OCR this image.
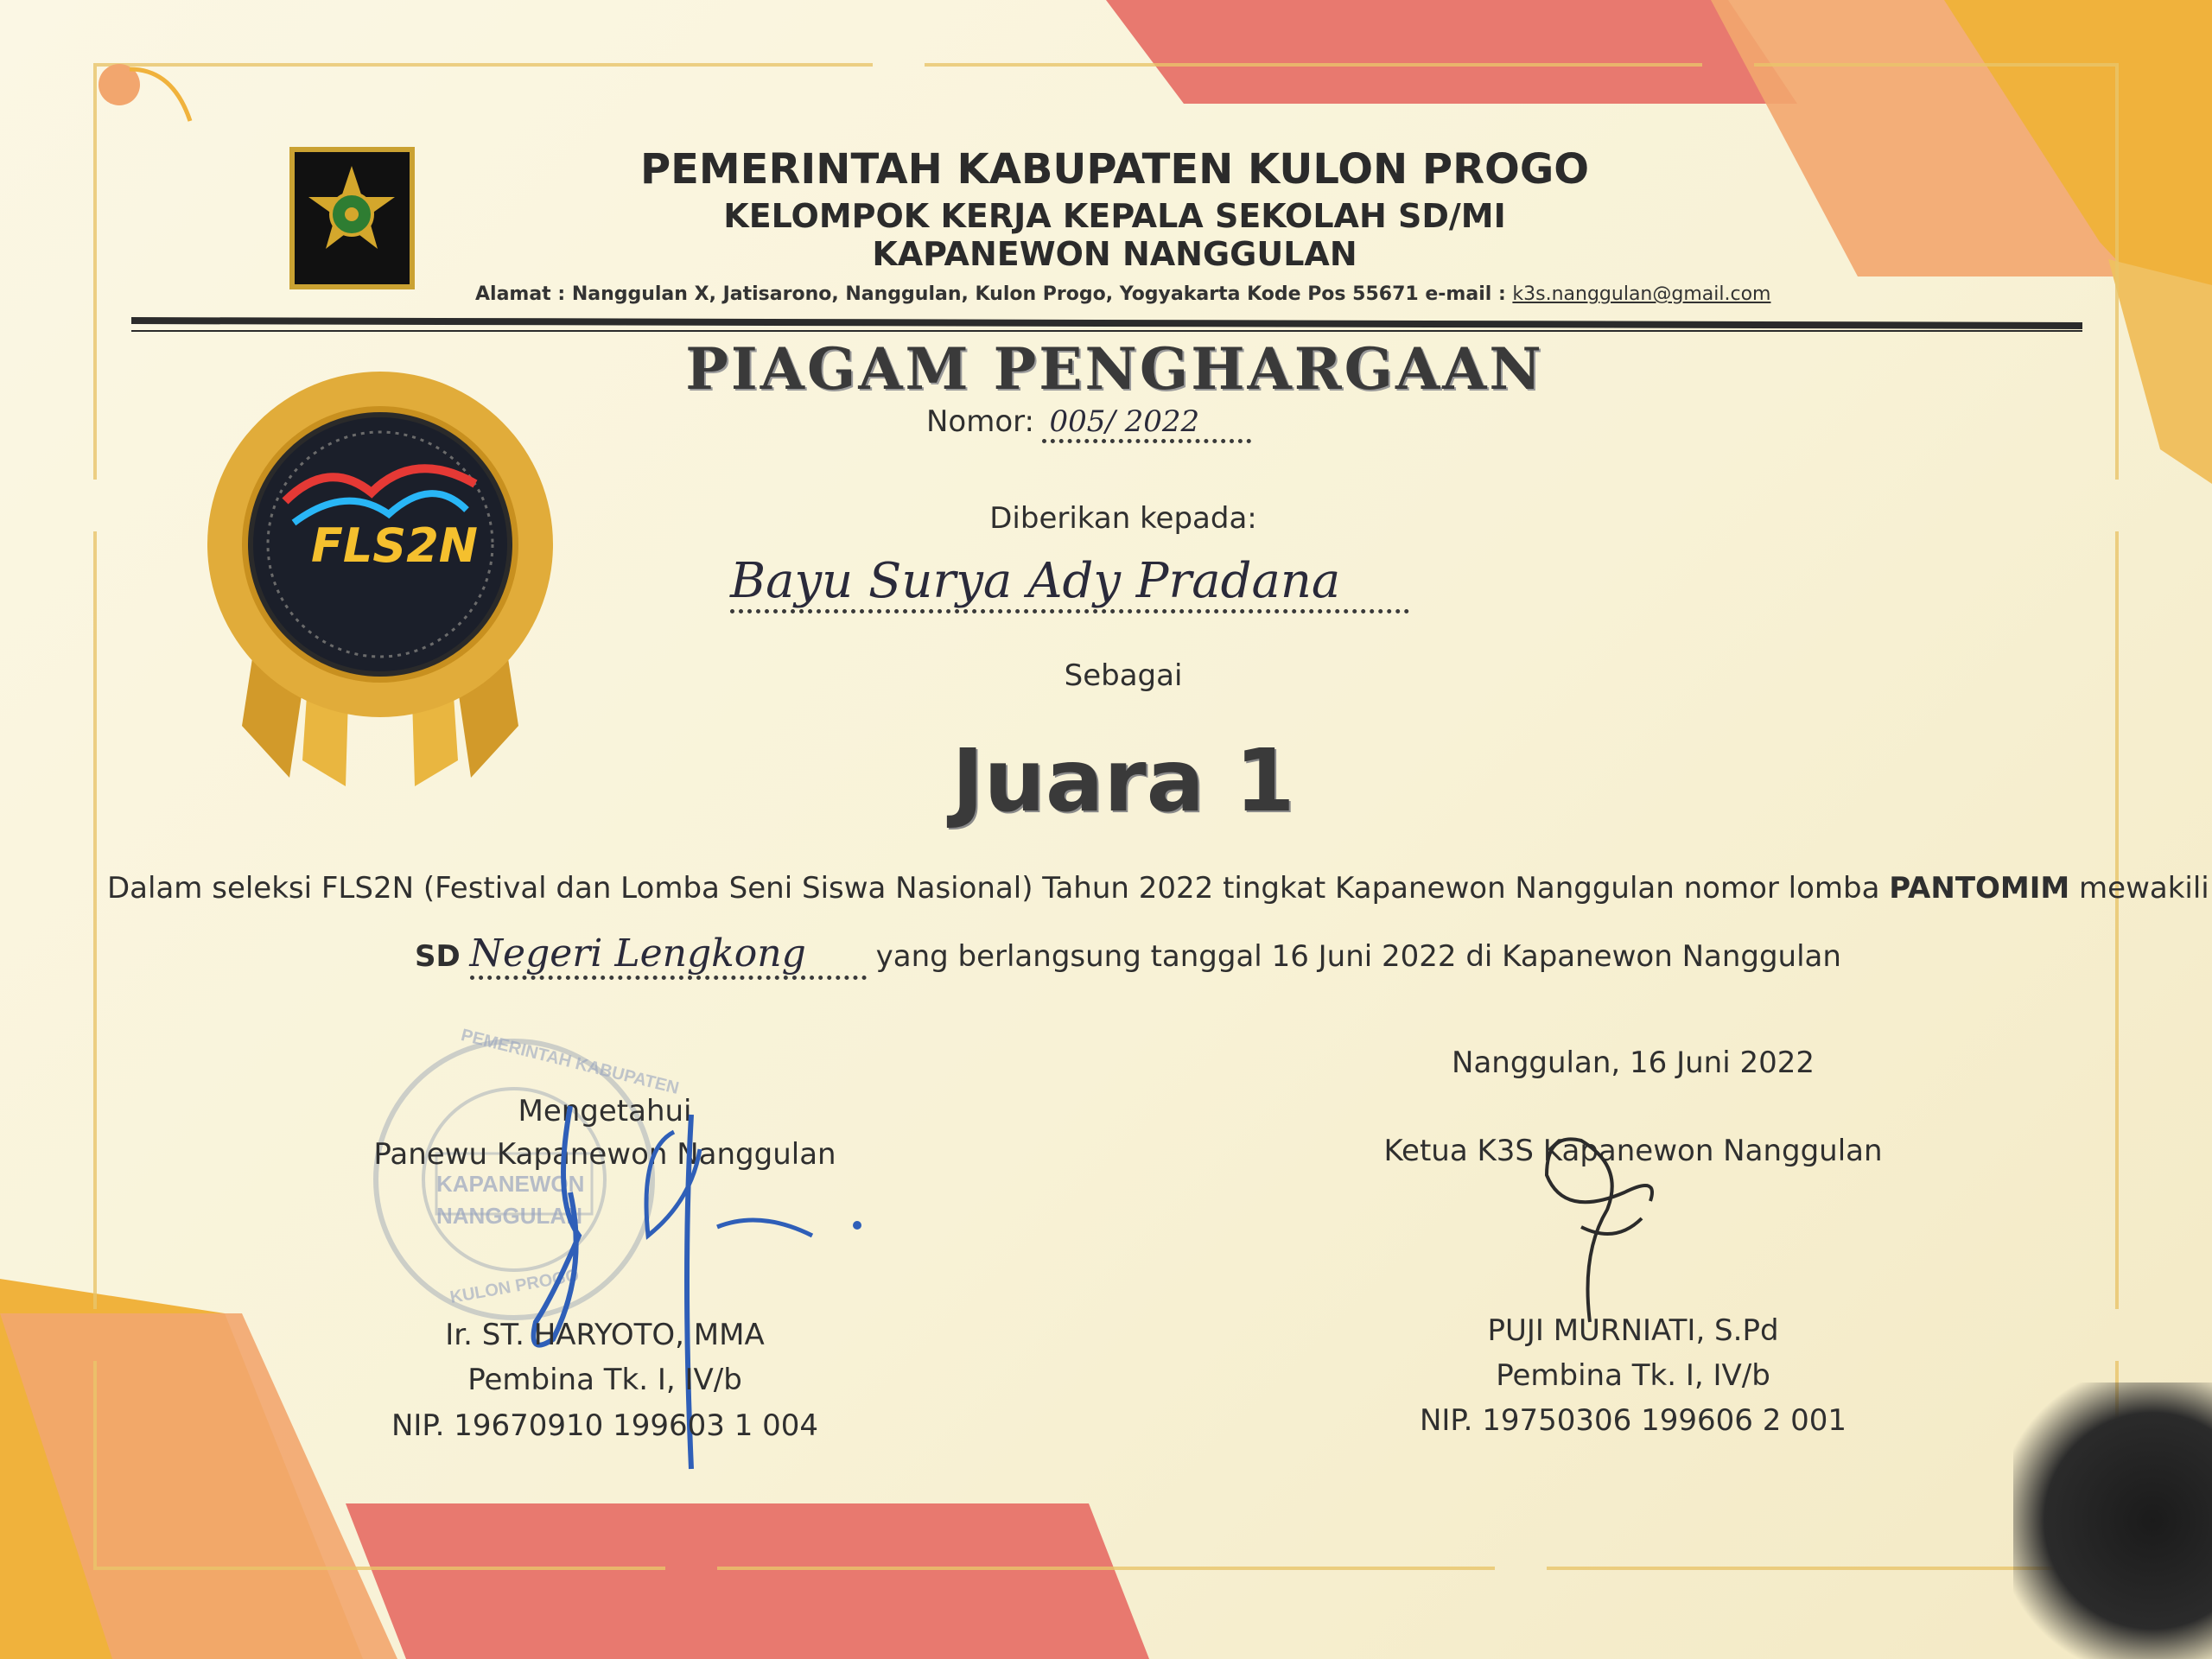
PEMERINTAH KABUPATEN KULON PROGO
KELOMPOK KERJA KEPALA SEKOLAH SD/MI
KAPANEWON NANGGULAN
Alamat : Nanggulan X, Jatisarono, Nanggulan, Kulon Progo, Yogyakarta Kode Pos 55671 e-mail : k3s.nanggulan@gmail.com
PIAGAM PENGHARGAAN
Nomor: 005/ 2022
FLS2N	Diberikan kepada:
Bayu Surya Ady Pradana
Sebagai
Juara 1
Dalam seleksi FLS2N (Festival dan Lomba Seni Siswa Nasional) Tahun 2022 tingkat Kapanewon Nanggulan nomor lomba PANTOMIM mewakili
SD Negeri Lengkong yang berlangsung tanggal 16 Juni 2022 di Kapanewon Nanggulan
KAPANEWON
NANGGULAN
PEMERINTAH KABUPATEN
KULON PROGO
Mengetahui
Panewu Kapanewon Nanggulan
Ir. ST. HARYOTO, MMA
Pembina Tk. I, IV/b
NIP. 19670910 199603 1 004
Nanggulan, 16 Juni 2022
Ketua K3S Kapanewon Nanggulan
PUJI MURNIATI, S.Pd
Pembina Tk. I, IV/b
NIP. 19750306 199606 2 001
